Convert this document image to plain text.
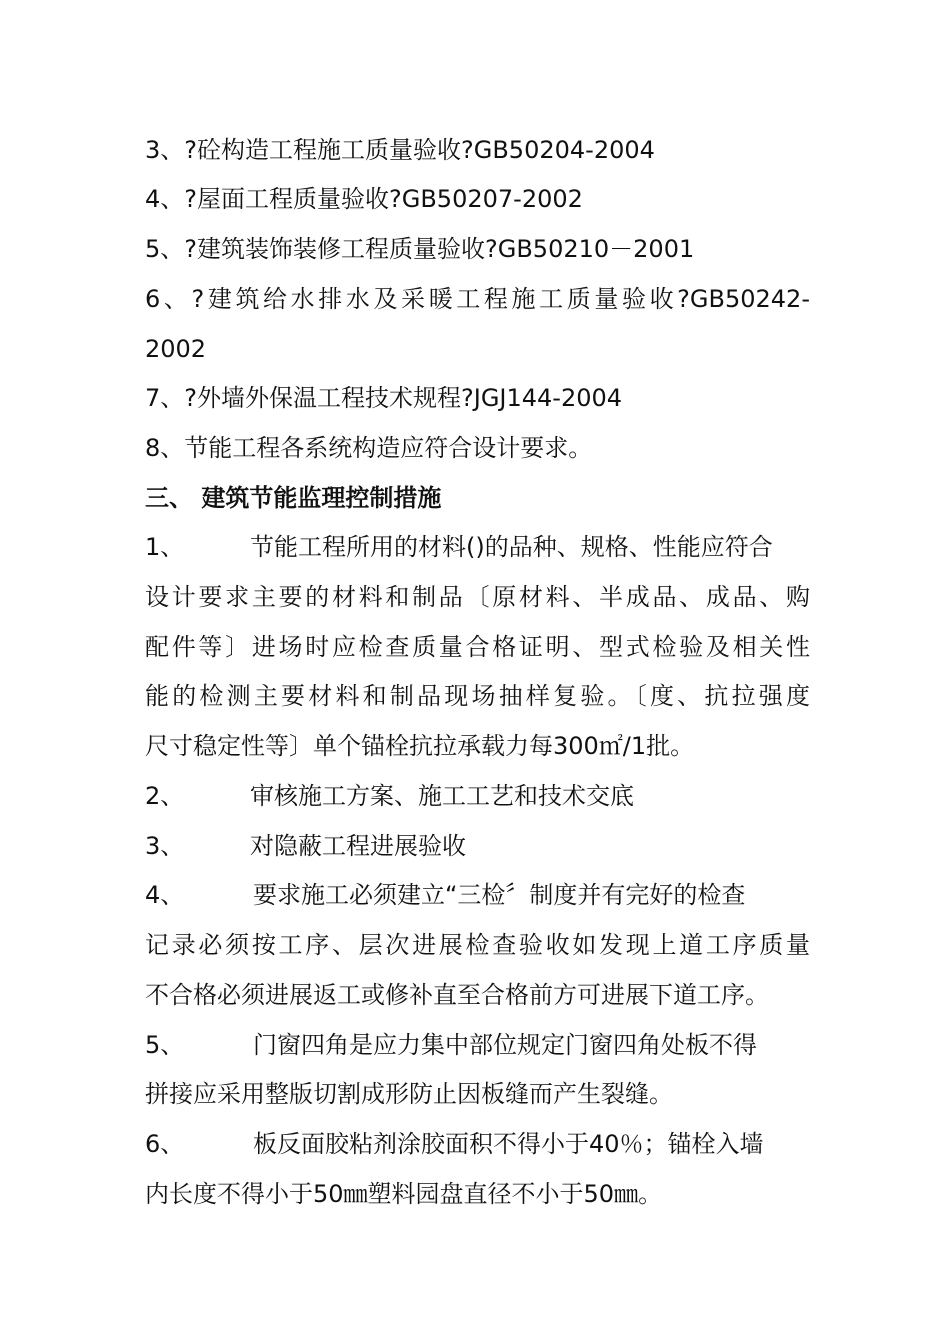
3、?砼构造工程施工质量验收?GB50204-2004
4、?屋面工程质量验收?GB50207-2002
5、?建筑装饰装修工程质量验收?GB50210－2001
6、?建筑给水排水及采暖工程施工质量验收?GB50242-
2002
7、?外墙外保温工程技术规程?JGJ144-2004
8、节能工程各系统构造应符合设计要求。
三、 建筑节能监理控制措施
1、	节能工程所用的材料()的品种、规格、性能应符合
设计要求主要的材料和制品〔原材料、半成品、成品、购
配件等〕进场时应检查质量合格证明、型式检验及相关性
能的检测主要材料和制品现场抽样复验。〔度、抗拉强度
尺寸稳定性等〕单个锚栓抗拉承载力每300㎡/1批。
2、	审核施工方案、施工工艺和技术交底
3、	对隐蔽工程进展验收
4、	要求施工必须建立“三检〞制度并有完好的检查
记录必须按工序、层次进展检查验收如发现上道工序质量
不合格必须进展返工或修补直至合格前方可进展下道工序。
5、	门窗四角是应力集中部位规定门窗四角处板不得
拼接应采用整版切割成形防止因板缝而产生裂缝。
6、	板反面胶粘剂涂胶面积不得小于40％；锚栓入墙
内长度不得小于50㎜塑料园盘直径不小于50㎜。
